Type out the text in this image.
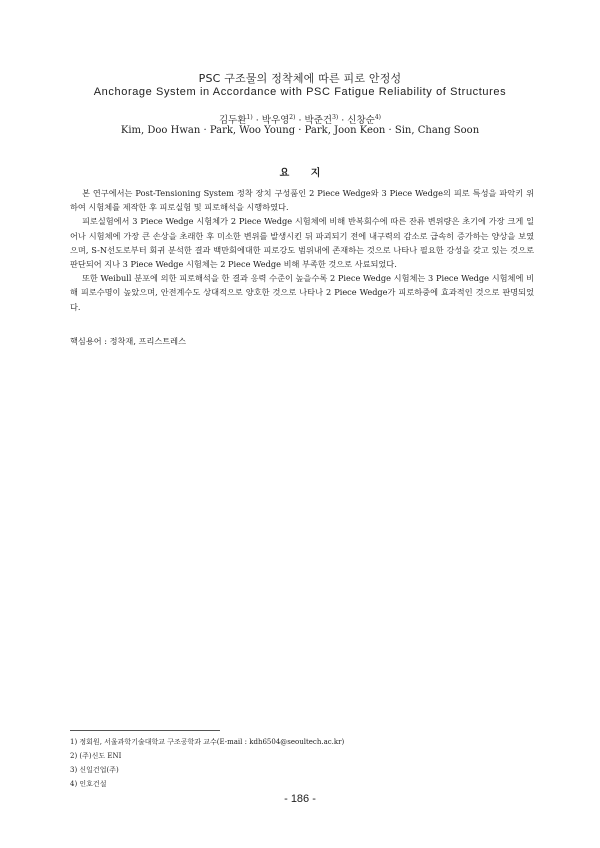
PSC 구조물의 정착체에 따른 피로 안정성
Anchorage System in Accordance with PSC Fatigue Reliability of Structures
김두환$^{1)}$ · 박우영$^{2)}$ · 박준건$^{3)}$ · 신창순$^{4)}$
Kim, Doo Hwan · Park, Woo Young · Park, Joon Keon · Sin, Chang Soon
요 지

본 연구에서는 Post-Tensioning System 정착 장치 구성품인 2 Piece Wedge와 3 Piece Wedge의 피로 특성을 파악키 위하여 시험체를 제작한 후 피로실험 및 피로해석을 시행하였다.

피로실험에서 3 Piece Wedge 시험체가 2 Piece Wedge 시험체에 비해 반복회수에 따른 잔류 변위량은 초기에 가장 크게 일어나 시험체에 가장 큰 손상을 초래한 후 미소한 변위를 발생시킨 뒤 파괴되기 전에 내구력의 감소로 급속히 증가하는 양상을 보였으며, S-N선도로부터 회귀 분석한 결과 백만회에대한 피로강도 범위내에 존재하는 것으로 나타나 필요한 강성을 갖고 있는 것으로 판단되어 지나 3 Piece Wedge 시험체는 2 Piece Wedge 비해 부족한 것으로 사료되었다.

또한 Weibull 분포에 의한 피로해석을 한 결과 응력 수준이 높을수록 2 Piece Wedge 시험체는 3 Piece Wedge 시험체에 비해 피로수명이 높았으며, 안전계수도 상대적으로 양호한 것으로 나타나 2 Piece Wedge가 피로하중에 효과적인 것으로 판명되었다.

핵심용어 : 정착재, 프리스트레스
1) 정회원, 서울과학기술대학교 구조공학과 교수(E-mail : kdh6504@seoultech.ac.kr)
2) (주)신도 ENI
3) 신일건업(주)
4) 인호건설
- 186 -
